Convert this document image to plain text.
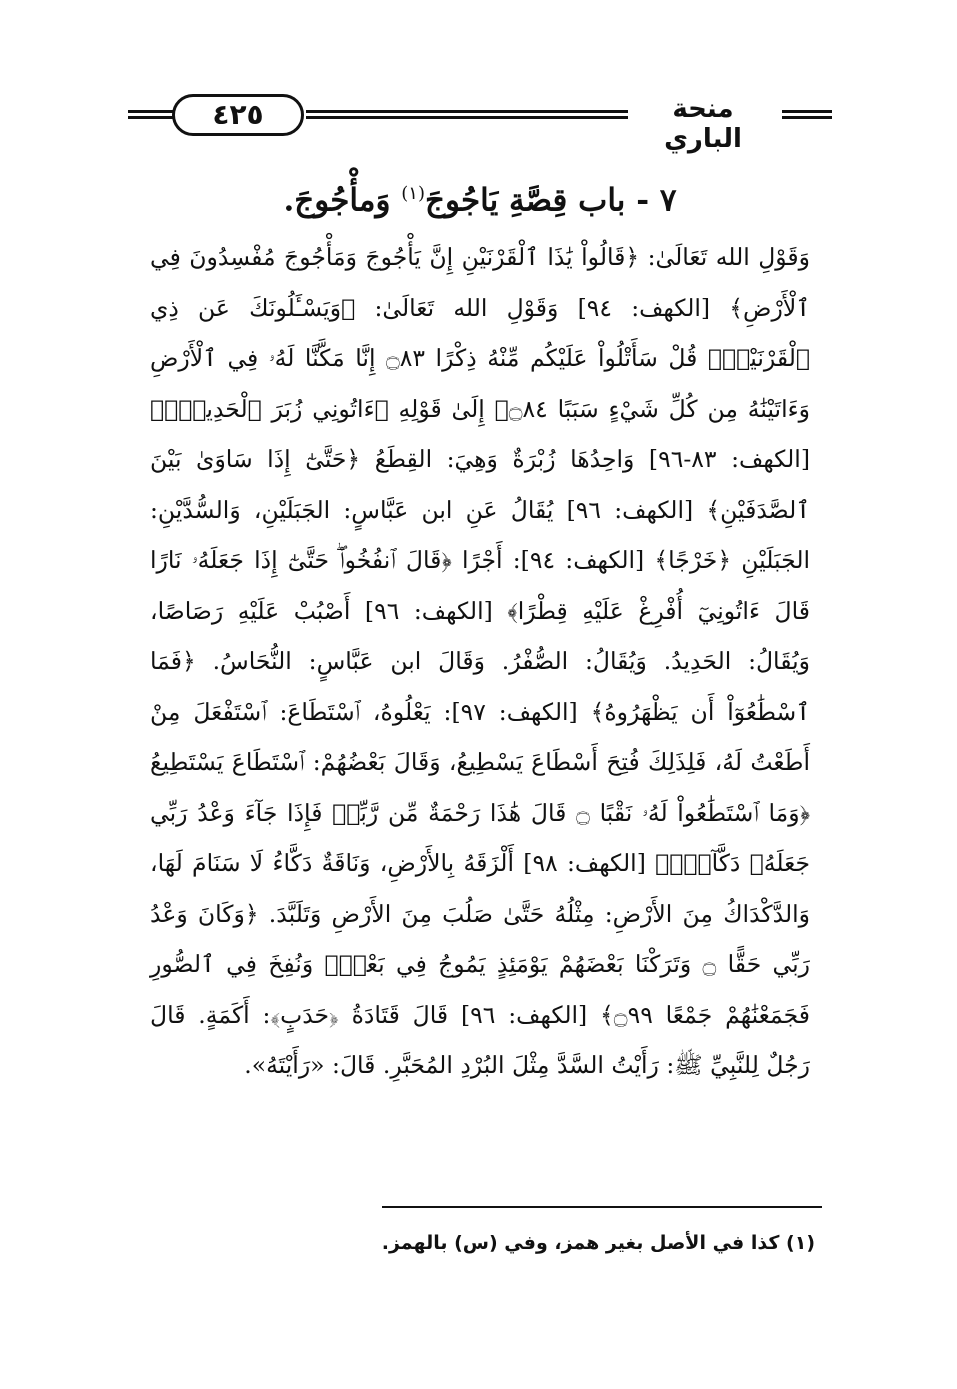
٤٢٥	منحة الباري
٧ - باب قِصَّةِ يَاجُوجَ$^{(١)}$ وَمأْجُوجَ.

وَقَوْلِ الله تَعَالَىٰ: ﴿قَالُواْ يَٰذَا ٱلْقَرْنَيْنِ إِنَّ يَأْجُوجَ وَمَأْجُوجَ مُفْسِدُونَ فِي ٱلْأَرْضِ﴾ [الكهف: ٩٤] وَقَوْلِ الله تَعَالَىٰ: ﴿وَيَسْـَٔلُونَكَ عَن ذِي ٱلْقَرْنَيْنِۖ قُلْ سَأَتْلُواْ عَلَيْكُم مِّنْهُ ذِكْرًا ۝٨٣ إِنَّا مَكَّنَّا لَهُۥ فِي ٱلْأَرْضِ وَءَاتَيْنَٰهُ مِن كُلِّ شَيْءٍ سَبَبًا ۝٨٤﴾ إِلَىٰ قَوْلِهِ ﴿ءَاتُونِي زُبَرَ ٱلْحَدِيدِۖ﴾ [الكهف: ٨٣-٩٦] وَاحِدُهَا زُبْرَةٌ وَهِيَ: القِطَعُ ﴿حَتَّىٰٓ إِذَا سَاوَىٰ بَيْنَ ٱلصَّدَفَيْنِ﴾ [الكهف: ٩٦] يُقَالُ عَنِ ابن عَبَّاسٍ: الجَبَلَيْنِ، وَالسُّدَّيْنِ: الجَبَلَيْنِ ﴿خَرْجًا﴾ [الكهف: ٩٤]: أَجْرًا ﴿قَالَ ٱنفُخُواْۖ حَتَّىٰٓ إِذَا جَعَلَهُۥ نَارًا قَالَ ءَاتُونِيٓ أُفْرِغْ عَلَيْهِ قِطْرًا﴾ [الكهف: ٩٦] أَصْبُبْ عَلَيْهِ رَصَاصًا، وَيُقَالُ: الحَدِيدُ. وَيُقَالُ: الصُّفْرُ. وَقَالَ ابن عَبَّاسٍ: النُّحَاسُ. ﴿فَمَا ٱسْطَٰعُوٓاْ أَن يَظْهَرُوهُ﴾ [الكهف: ٩٧]: يَعْلُوهُ، ٱسْتَطَاعَ: ٱسْتَفْعَلَ مِنْ أَطَعْتُ لَهُ، فَلِذَلِكَ فُتِحَ أَسْطَاعَ يَسْطِيعُ، وَقَالَ بَعْضُهُمْ: ٱسْتَطَاعَ يَسْتَطِيعُ ﴿وَمَا ٱسْتَطَٰعُواْ لَهُۥ نَقْبًا ۝ قَالَ هَٰذَا رَحْمَةٌ مِّن رَّبِّيۖ فَإِذَا جَآءَ وَعْدُ رَبِّي جَعَلَهُۥ دَكَّآءَۖ﴾ [الكهف: ٩٨] أَلْزَقَهُ بِالأَرْضِ، وَنَاقَةٌ دَكَّاءُ لَا سَنَامَ لَهَا، وَالدَّكْدَاكُ مِنَ الأَرْضِ: مِثْلُهُ حَتَّىٰ صَلُبَ مِنَ الأَرْضِ وَتَلَبَّدَ. ﴿وَكَانَ وَعْدُ رَبِّي حَقًّا ۝ وَتَرَكْنَا بَعْضَهُمْ يَوْمَئِذٍ يَمُوجُ فِي بَعْضٍۖ وَنُفِخَ فِي ٱلصُّورِ فَجَمَعْنَٰهُمْ جَمْعًا ۝٩٩﴾ [الكهف: ٩٦] قَالَ قَتَادَةُ ﴿حَدَبٍ﴾: أَكَمَةٍ. قَالَ رَجُلٌ لِلنَّبِيِّ ﷺ: رَأَيْتُ السَّدَّ مِثْلَ البُرْدِ المُحَبَّرِ. قَالَ: «رَأَيْتَهُ».

(١) كذا في الأصل بغير همز، وفي (س) بالهمز.
